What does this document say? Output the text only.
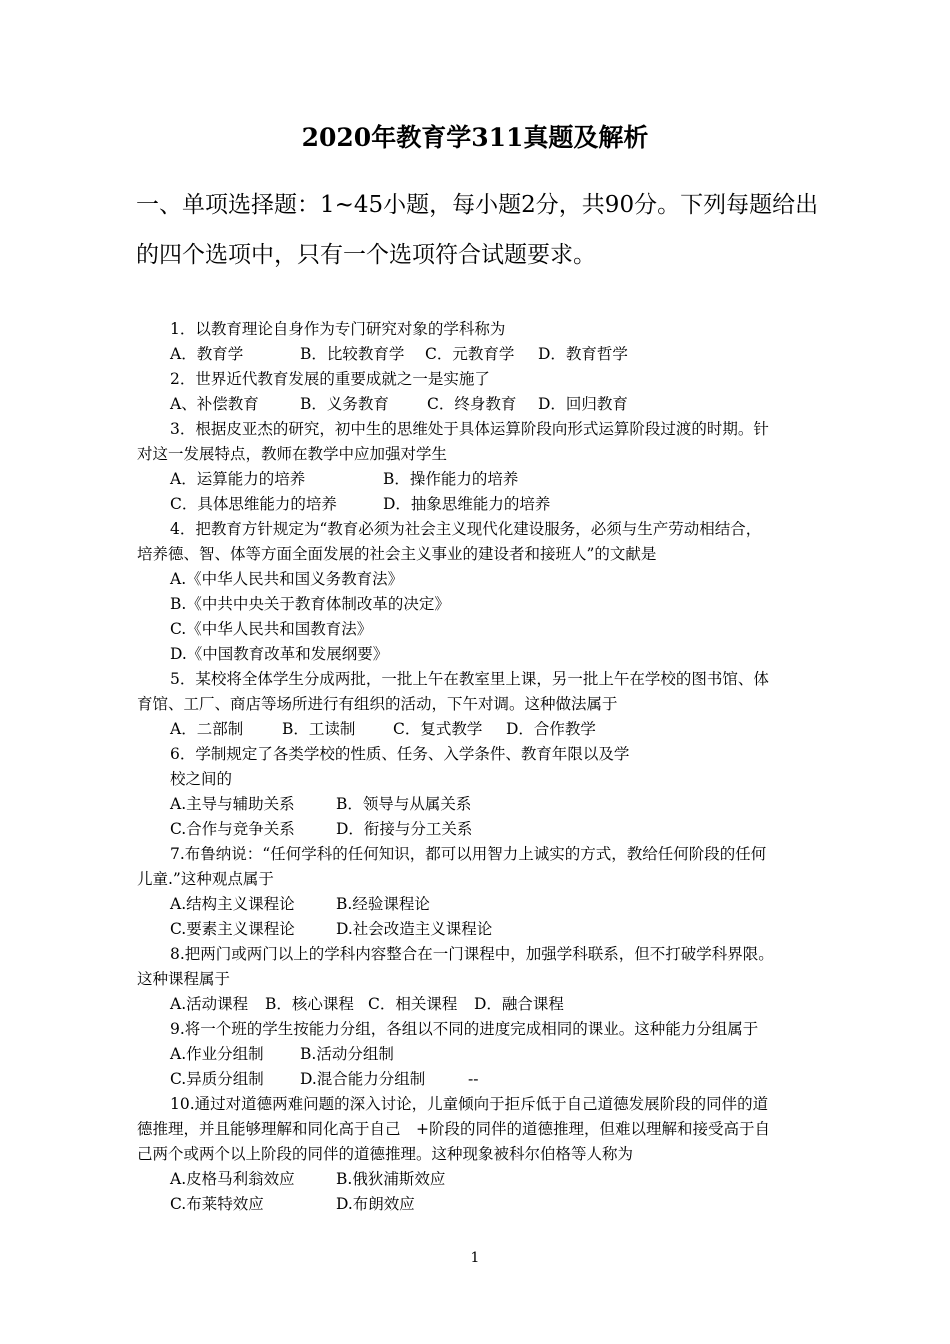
2020年教育学311真题及解析
一、单项选择题：1~45小题，每小题2分，共90分。下列每题给出
的四个选项中，只有一个选项符合试题要求。
1．以教育理论自身作为专门研究对象的学科称为
A．教育学	B．比较教育学 C．元教育学 D．教育哲学
2．世界近代教育发展的重要成就之一是实施了
A、补偿教育	B．义务教育 C．终身教育 D．回归教育
3．根据皮亚杰的研究，初中生的思维处于具体运算阶段向形式运算阶段过渡的时期。针
对这一发展特点，教师在教学中应加强对学生
A．运算能力的培养	B．操作能力的培养
C．具体思维能力的培养	D．抽象思维能力的培养
4．把教育方针规定为“教育必须为社会主义现代化建设服务，必须与生产劳动相结合，
培养德、智、体等方面全面发展的社会主义事业的建设者和接班人”的文献是
A.《中华人民共和国义务教育法》
B.《中共中央关于教育体制改革的决定》
C.《中华人民共和国教育法》
D.《中国教育改革和发展纲要》
5．某校将全体学生分成两批，一批上午在教室里上课，另一批上午在学校的图书馆、体
育馆、工厂、商店等场所进行有组织的活动，下午对调。这种做法属于
A．二部制	B．工读制 C．复式教学 D．合作教学
6．学制规定了各类学校的性质、任务、入学条件、教育年限以及学
校之间的
A.主导与辅助关系	B．领导与从属关系
C.合作与竞争关系	D．衔接与分工关系
7.布鲁纳说：“任何学科的任何知识，都可以用智力上诚实的方式，教给任何阶段的任何
儿童.”这种观点属于
A.结构主义课程论	B.经验课程论
C.要素主义课程论	D.社会改造主义课程论
8.把两门或两门以上的学科内容整合在一门课程中，加强学科联系，但不打破学科界限。
这种课程属于
A.活动课程 B．核心课程 C．相关课程 D．融合课程
9.将一个班的学生按能力分组，各组以不同的进度完成相同的课业。这种能力分组属于
A.作业分组制 B.活动分组制
C.异质分组制 D.混合能力分组制	--
10.通过对道德两难问题的深入讨论，儿童倾向于拒斥低于自己道德发展阶段的同伴的道
德推理，并且能够理解和同化高于自己　+阶段的同伴的道德推理，但难以理解和接受高于自
己两个或两个以上阶段的同伴的道德推理。这种现象被科尔伯格等人称为
A.皮格马利翁效应	B.俄狄浦斯效应
C.布莱特效应	D.布朗效应
1
